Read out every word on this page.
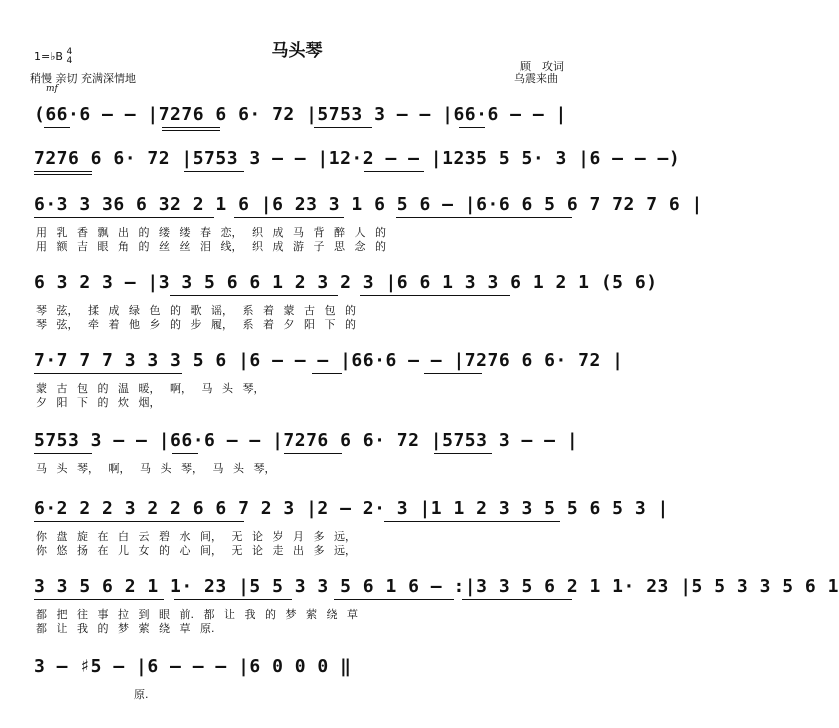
马头琴
1=♭B 4
4
稍慢 亲切 充满深情地
顾　攻词
乌震来曲
mf
(66·6 — — |7276 6 6· 72 |5753 3 — — |66·6 — — |
7276 6 6· 72 |5753 3 — — |12·2 — — |1235 5 5· 3 |6 — — —)
6·3 3 36 6 32 2 1 6 |6 23 3 1 6 5 6 — |6·6 6 5 6 7 72 7 6 |
用 乳 香 飘 出 的 缕 缕 春 恋， 织 成 马 背 醉 人 的
用 额 吉 眼 角 的 丝 丝 泪 线， 织 成 游 子 思 念 的
6 3 2 3 — |3 3 5 6 6 1 2 3 2 3 |6 6 1 3 3 6 1 2 1 (5 6)
琴 弦， 揉 成 绿 色 的 歌 谣， 系 着 蒙 古 包 的
琴 弦， 牵 着 他 乡 的 步 履， 系 着 夕 阳 下 的
7·7 7 7 3 3 3 5 6 |6 — — — |66·6 — — |7276 6 6· 72 |
蒙 古 包 的 温 暖， 啊， 马 头 琴，
夕 阳 下 的 炊 烟，
5753 3 — — |66·6 — — |7276 6 6· 72 |5753 3 — — |
马 头 琴， 啊， 马 头 琴， 马 头 琴，
6·2 2 2 3 2 2 6 6 7 2 3 |2 — 2· 3 |1 1 2 3 3 5 5 6 5 3 |
你 盘 旋 在 白 云 碧 水 间， 无 论 岁 月 多 远，
你 悠 扬 在 儿 女 的 心 间， 无 论 走 出 多 远，
3 3 5 6 2 1 1· 23 |5 5 3 3 5 6 1 6 — :|3 3 5 6 2 1 1· 23 |5 5 3 3 5 6 1
都 把 往 事 拉 到 眼 前. 都 让 我 的 梦 萦 绕 草
都 让 我 的 梦 萦 绕 草 原.
3 — ♯5 — |6 — — — |6 0 0 0 ‖
原.
